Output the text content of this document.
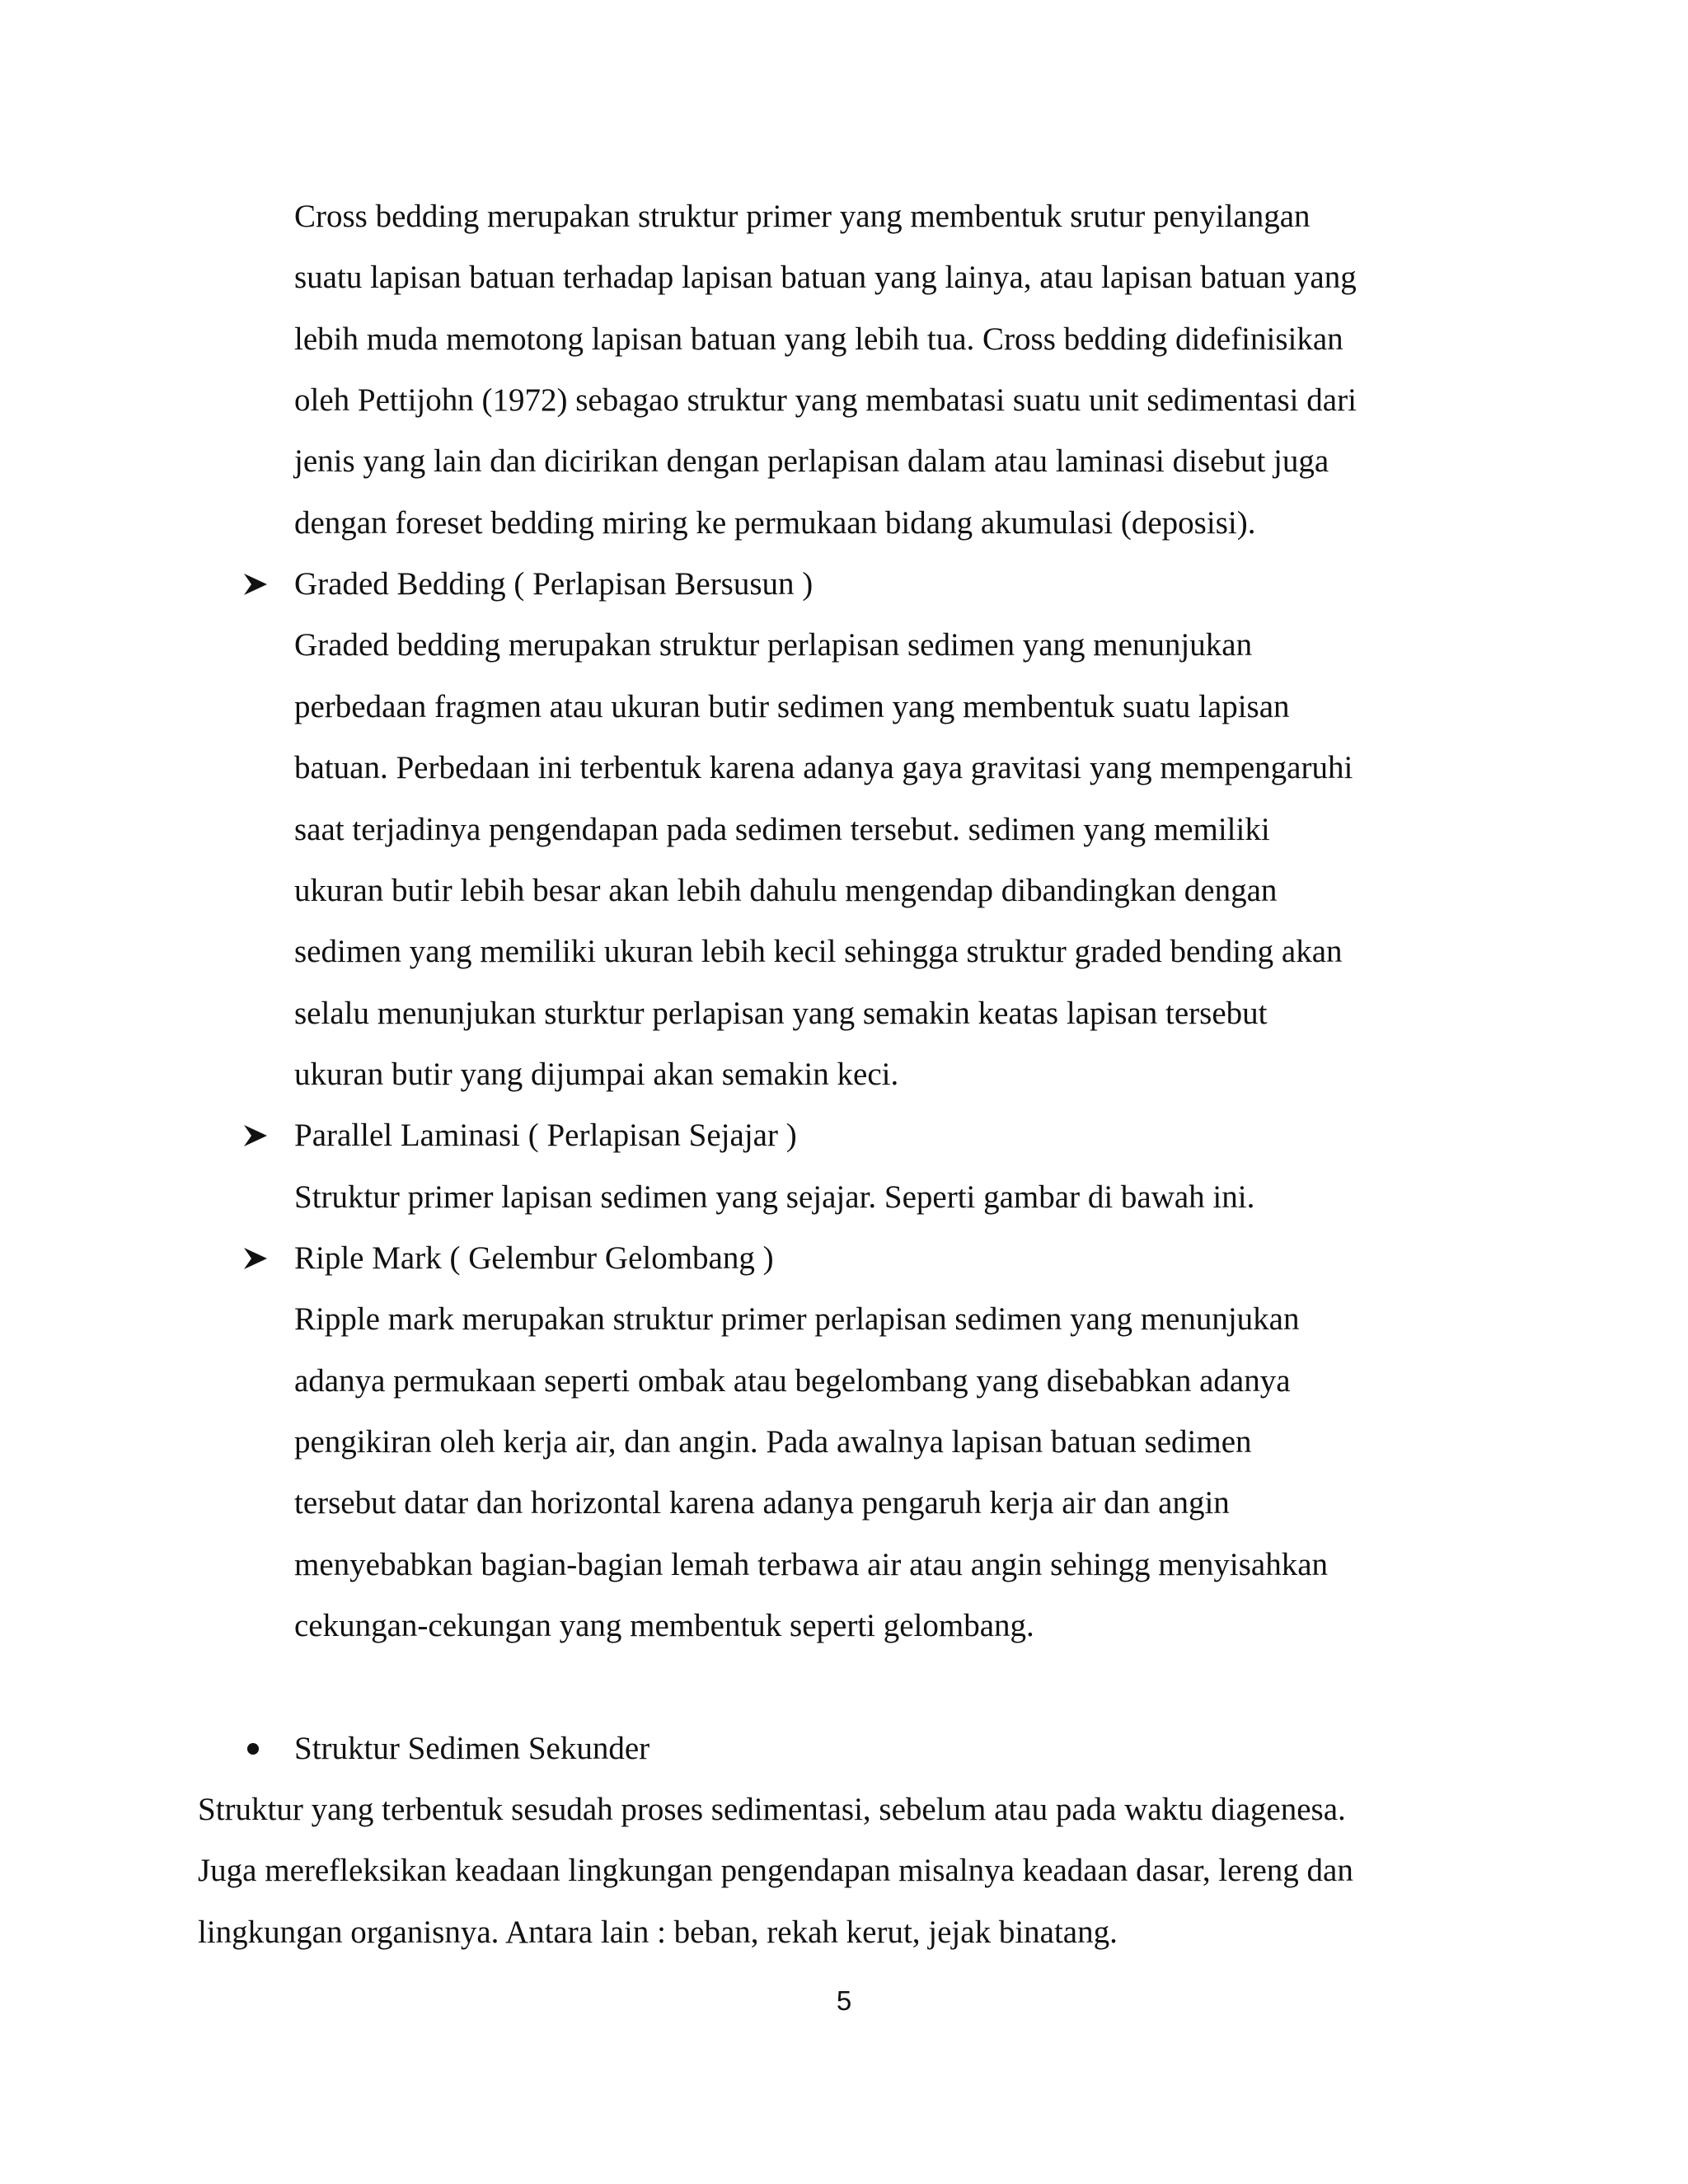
Cross bedding merupakan struktur primer yang membentuk srutur penyilangan
suatu lapisan batuan terhadap lapisan batuan yang lainya, atau lapisan batuan yang
lebih muda memotong lapisan batuan yang lebih tua. Cross bedding didefinisikan
oleh Pettijohn (1972) sebagao struktur yang membatasi suatu unit sedimentasi dari
jenis yang lain dan dicirikan dengan perlapisan dalam atau laminasi disebut juga
dengan foreset bedding miring ke permukaan bidang akumulasi (deposisi).
Graded Bedding ( Perlapisan Bersusun )
Graded bedding merupakan struktur perlapisan sedimen yang menunjukan
perbedaan fragmen atau ukuran butir sedimen yang membentuk suatu lapisan
batuan. Perbedaan ini terbentuk karena adanya gaya gravitasi yang mempengaruhi
saat terjadinya pengendapan pada sedimen tersebut. sedimen yang memiliki
ukuran butir lebih besar akan lebih dahulu mengendap dibandingkan dengan
sedimen yang memiliki ukuran lebih kecil sehingga struktur graded bending akan
selalu menunjukan sturktur perlapisan yang semakin keatas lapisan tersebut
ukuran butir yang dijumpai akan semakin keci.
Parallel Laminasi ( Perlapisan Sejajar )
Struktur primer lapisan sedimen yang sejajar. Seperti gambar di bawah ini.
Riple Mark ( Gelembur Gelombang )
Ripple mark merupakan struktur primer perlapisan sedimen yang menunjukan
adanya permukaan seperti ombak atau begelombang yang disebabkan adanya
pengikiran oleh kerja air, dan angin. Pada awalnya lapisan batuan sedimen
tersebut datar dan horizontal karena adanya pengaruh kerja air dan angin
menyebabkan bagian-bagian lemah terbawa air atau angin sehingg menyisahkan
cekungan-cekungan yang membentuk seperti gelombang.
Struktur Sedimen Sekunder
Struktur yang terbentuk sesudah proses sedimentasi, sebelum atau pada waktu diagenesa.
Juga merefleksikan keadaan lingkungan pengendapan misalnya keadaan dasar, lereng dan
lingkungan organisnya. Antara lain : beban, rekah kerut, jejak binatang.
5
